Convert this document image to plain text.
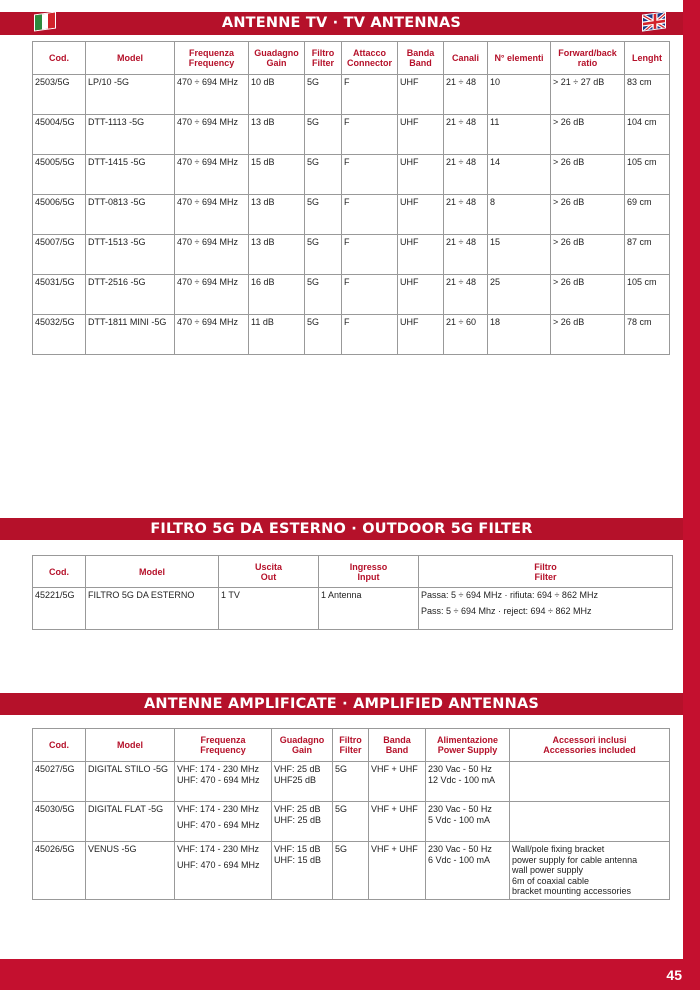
ANTENNE TV · TV ANTENNAS
Cod.	Model	Frequenza
Frequency	Guadagno
Gain	Filtro
Filter	Attacco
Connector	Banda
Band	Canali	N° elementi	Forward/back
ratio	Lenght

2503/5G	LP/10 -5G	470 ÷ 694 MHz	10 dB	5G	F	UHF	21 ÷ 48	10	> 21 ÷ 27 dB	83 cm
45004/5G	DTT-1113 -5G	470 ÷ 694 MHz	13 dB	5G	F	UHF	21 ÷ 48	11	> 26 dB	104 cm
45005/5G	DTT-1415 -5G	470 ÷ 694 MHz	15 dB	5G	F	UHF	21 ÷ 48	14	> 26 dB	105 cm
45006/5G	DTT-0813 -5G	470 ÷ 694 MHz	13 dB	5G	F	UHF	21 ÷ 48	8	> 26 dB	69 cm
45007/5G	DTT-1513 -5G	470 ÷ 694 MHz	13 dB	5G	F	UHF	21 ÷ 48	15	> 26 dB	87 cm
45031/5G	DTT-2516 -5G	470 ÷ 694 MHz	16 dB	5G	F	UHF	21 ÷ 48	25	> 26 dB	105 cm
45032/5G	DTT-1811 MINI -5G	470 ÷ 694 MHz	11 dB	5G	F	UHF	21 ÷ 60	18	> 26 dB	78 cm
FILTRO 5G DA ESTERNO · OUTDOOR 5G FILTER
Cod.	Model	Uscita
Out	Ingresso
Input	Filtro
Filter

45221/5G	FILTRO 5G DA ESTERNO	1 TV	1 Antenna	Passa: 5 ÷ 694 MHz · rifiuta: 694 ÷ 862 MHz
Pass: 5 ÷ 694 Mhz · reject: 694 ÷ 862 MHz
ANTENNE AMPLIFICATE · AMPLIFIED ANTENNAS
Cod.	Model	Frequenza
Frequency	Guadagno
Gain	Filtro
Filter	Banda
Band	Alimentazione
Power Supply	Accessori inclusi
Accessories included

45027/5G	DIGITAL STILO -5G	VHF: 174 - 230 MHz
UHF: 470 - 694 MHz	VHF: 25 dB
UHF25 dB	5G	VHF + UHF	230 Vac - 50 Hz
12 Vdc - 100 mA	

45030/5G	DIGITAL FLAT -5G	VHF: 174 - 230 MHz
UHF: 470 - 694 MHz	VHF: 25 dB
UHF: 25 dB	5G	VHF + UHF	230 Vac - 50 Hz
5 Vdc - 100 mA	

45026/5G	VENUS -5G	VHF: 174 - 230 MHz
UHF: 470 - 694 MHz	VHF: 15 dB
UHF: 15 dB	5G	VHF + UHF	230 Vac - 50 Hz
6 Vdc - 100 mA	Wall/pole fixing bracket
power supply for cable antenna
wall power supply
6m of coaxial cable
bracket mounting accessories
45
